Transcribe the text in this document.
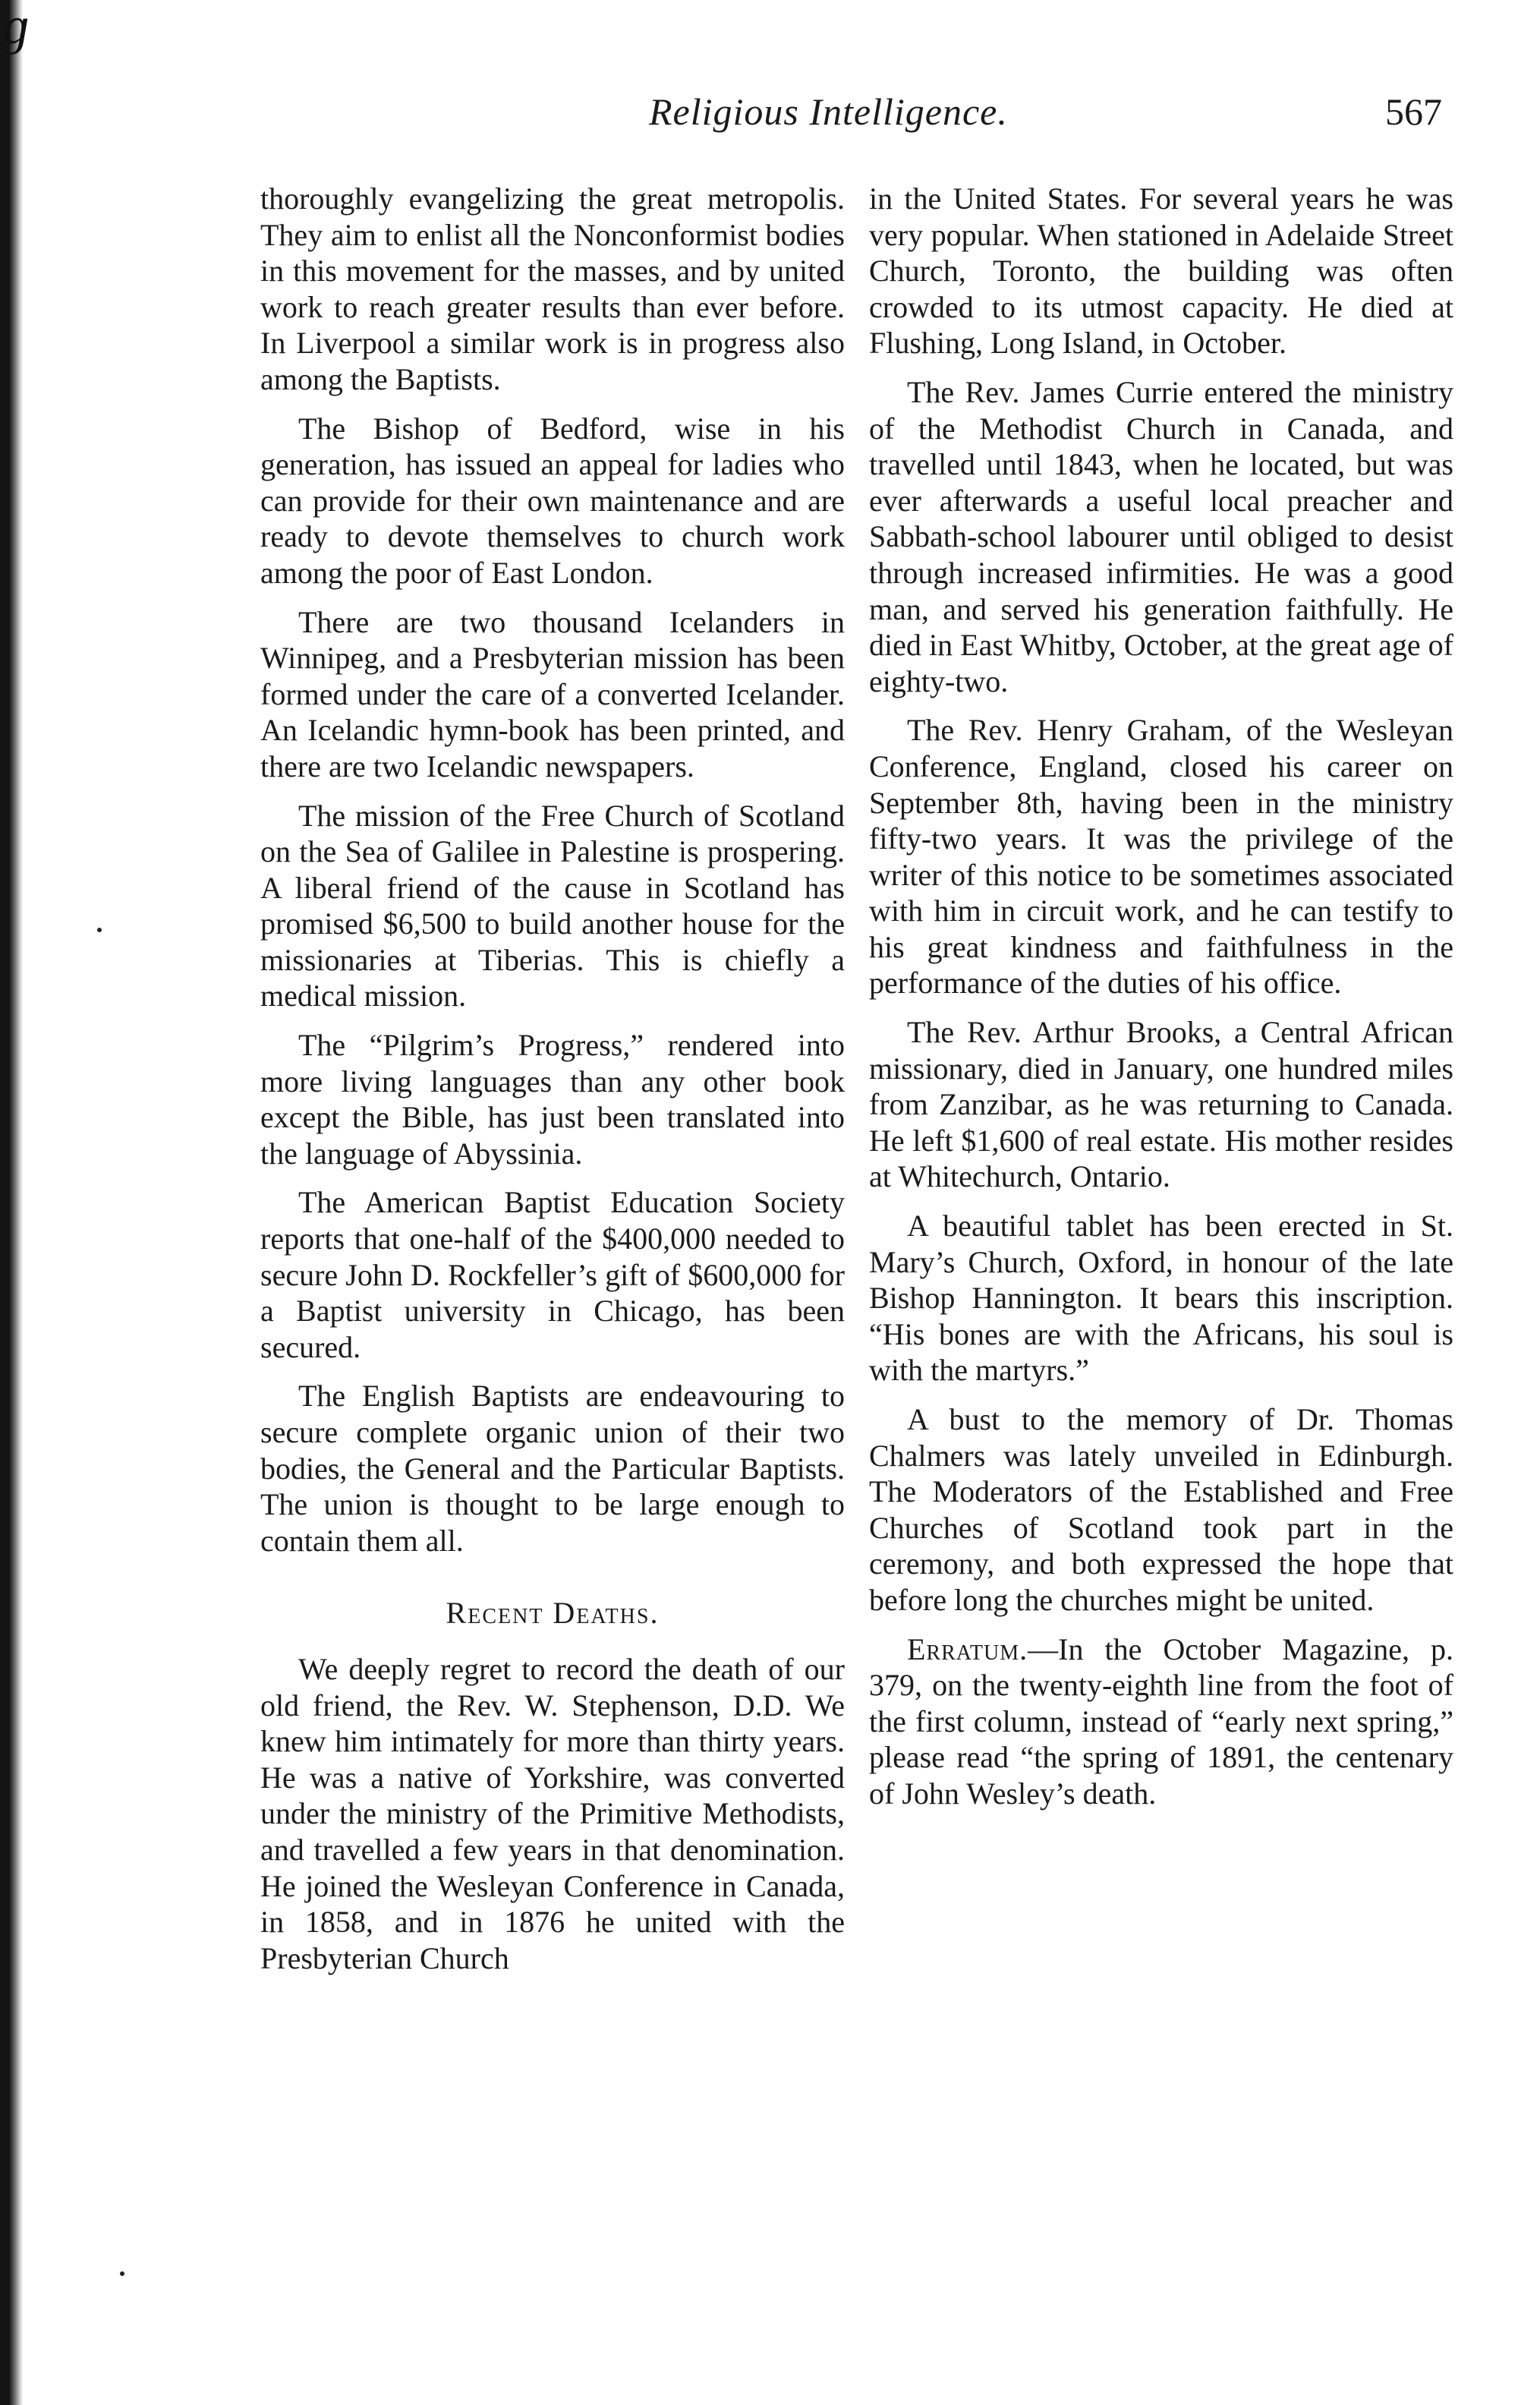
ɡ
Religious Intelligence.	567

thoroughly evangelizing the great metropolis. They aim to enlist all the Nonconformist bodies in this movement for the masses, and by united work to reach greater results than ever before. In Liverpool a similar work is in progress also among the Baptists.

The Bishop of Bedford, wise in his generation, has issued an appeal for ladies who can provide for their own maintenance and are ready to devote themselves to church work among the poor of East London.

There are two thousand Icelanders in Winnipeg, and a Presbyterian mission has been formed under the care of a converted Icelander. An Icelandic hymn-book has been printed, and there are two Icelandic newspapers.

The mission of the Free Church of Scotland on the Sea of Galilee in Palestine is prospering. A liberal friend of the cause in Scotland has promised $6,500 to build another house for the missionaries at Tiberias. This is chiefly a medical mission.

The “Pilgrim’s Progress,” rendered into more living languages than any other book except the Bible, has just been translated into the language of Abyssinia.

The American Baptist Education Society reports that one-half of the $400,000 needed to secure John D. Rockfeller’s gift of $600,000 for a Baptist university in Chicago, has been secured.

The English Baptists are endeavouring to secure complete organic union of their two bodies, the General and the Particular Baptists. The union is thought to be large enough to contain them all.

Recent Deaths.

We deeply regret to record the death of our old friend, the Rev. W. Stephenson, D.D. We knew him intimately for more than thirty years. He was a native of Yorkshire, was converted under the ministry of the Primitive Methodists, and travelled a few years in that denomination. He joined the Wesleyan Conference in Canada, in 1858, and in 1876 he united with the Presbyterian Church

in the United States. For several years he was very popular. When stationed in Adelaide Street Church, Toronto, the building was often crowded to its utmost capacity. He died at Flushing, Long Island, in October.

The Rev. James Currie entered the ministry of the Methodist Church in Canada, and travelled until 1843, when he located, but was ever afterwards a useful local preacher and Sabbath-school labourer until obliged to desist through increased infirmities. He was a good man, and served his generation faithfully. He died in East Whitby, October, at the great age of eighty-two.

The Rev. Henry Graham, of the Wesleyan Conference, England, closed his career on September 8th, having been in the ministry fifty-two years. It was the privilege of the writer of this notice to be sometimes associated with him in circuit work, and he can testify to his great kindness and faithfulness in the performance of the duties of his office.

The Rev. Arthur Brooks, a Central African missionary, died in January, one hundred miles from Zanzibar, as he was returning to Canada. He left $1,600 of real estate. His mother resides at Whitechurch, Ontario.

A beautiful tablet has been erected in St. Mary’s Church, Oxford, in honour of the late Bishop Hannington. It bears this inscription. “His bones are with the Africans, his soul is with the martyrs.”

A bust to the memory of Dr. Thomas Chalmers was lately unveiled in Edinburgh. The Moderators of the Established and Free Churches of Scotland took part in the ceremony, and both expressed the hope that before long the churches might be united.

Erratum.—In the October Magazine, p. 379, on the twenty-eighth line from the foot of the first column, instead of “early next spring,” please read “the spring of 1891, the centenary of John Wesley’s death.
